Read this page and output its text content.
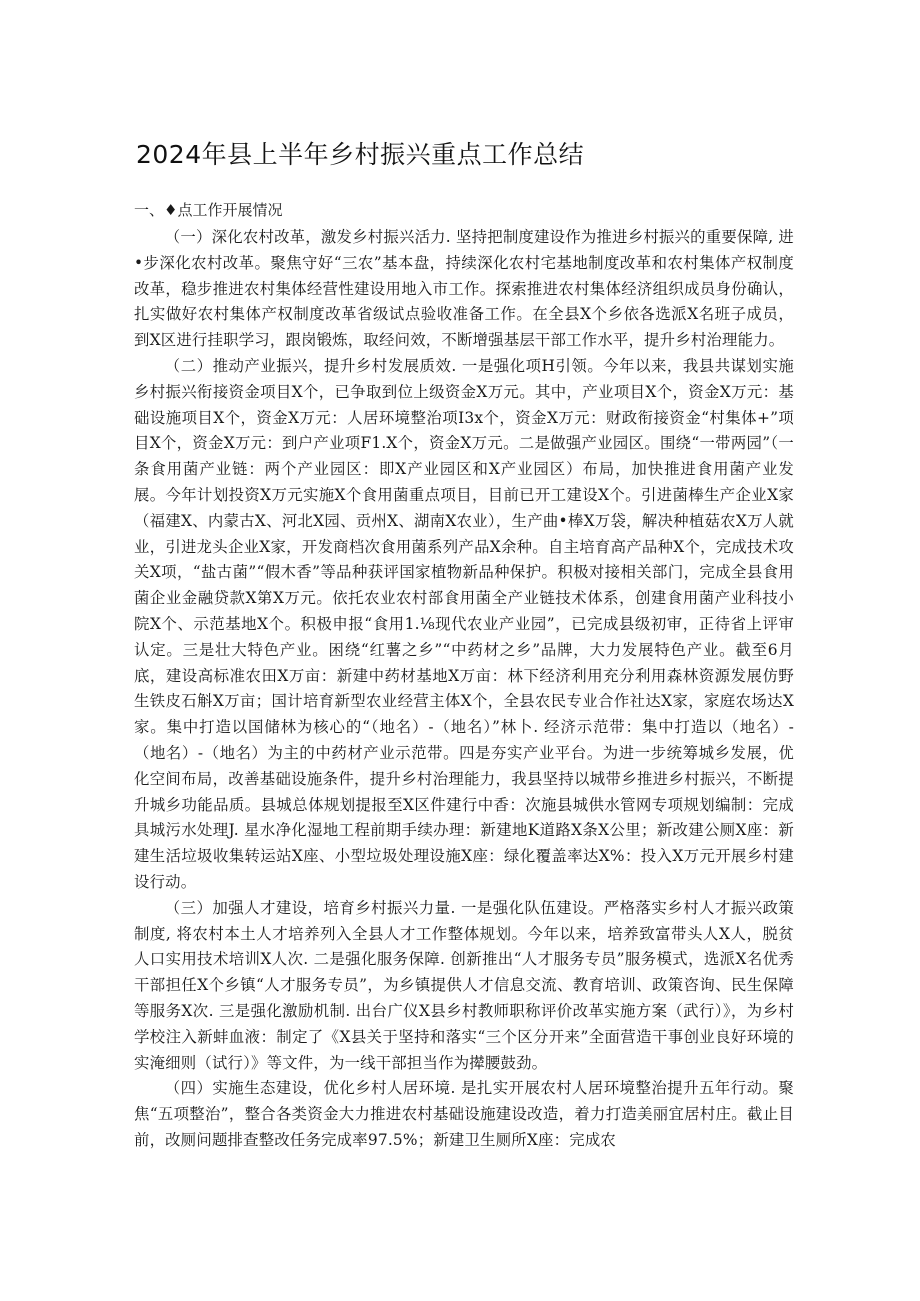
2024年县上半年乡村振兴重点工作总结
一、♦点工作开展情况

（一）深化农村改革，激发乡村振兴活力. 坚持把制度建设作为推进乡村振兴的重要保障, 进•步深化农村改革。聚焦守好“三农”基本盘，持续深化农村宅基地制度改革和农村集体产权制度改革，稳步推进农村集体经营性建设用地入市工作。探索推进农村集体经济组织成员身份确认，扎实做好农村集体产权制度改革省级试点验收准备工作。在全县X个乡依各选派X名班子成员，到X区进行挂职学习，跟岗锻炼，取经问效，不断增强基层干部工作水平，提升乡村治理能力。

（二）推动产业振兴，提升乡村发展质效. 一是强化项H引领。今年以来，我县共谋划实施乡村振兴衔接资金项目X个，已争取到位上级资金X万元。其中，产业项目X个，资金X万元：基础设施项目X个，资金X万元：人居环境整治项I3x个，资金X万元：财政衔接资金“村集体+”项目X个，资金X万元：到户产业项F1.X个，资金X万元。二是做强产业园区。围绕“一带两园”（一条食用菌产业链：两个产业园区：即X产业园区和X产业园区）布局，加快推进食用菌产业发展。今年计划投资X万元实施X个食用菌重点项目，目前已开工建设X个。引进菌棒生产企业X家（福建X、内蒙古X、河北X园、贡州X、湖南X农业），生产曲•棒X万袋，解决种植菇农X万人就业，引进龙头企业X家，开发商档次食用菌系列产品X余种。自主培育高产品种X个，完成技术攻关X项，“盐古菌”“假木香”等品种获评国家植物新品种保护。积极对接相关部门，完成全县食用菌企业金融贷款X第X万元。依托农业农村部食用菌全产业链技术体系，创建食用菌产业科技小院X个、示范基地X个。积极申报“食用1.⅛现代农业产业园”，已完成县级初审，正待省上评审认定。三是壮大特色产业。困绕“红薯之乡”“中药材之乡”品牌，大力发展特色产业。截至6月底，建设高标准农田X万亩：新建中药材基地X万亩：林下经济利用充分利用森林资源发展仿野生铁皮石斛X万亩；国计培育新型农业经营主体X个，全县农民专业合作社达X家，家庭农场达X家。集中打造以国储林为核心的“（地名）-（地名）”林卜. 经济示范带：集中打造以（地名）-（地名）-（地名）为主的中药材产业示范带。四是夯实产业平台。为进一步统筹城乡发展，优化空间布局，改善基础设施条件，提升乡村治理能力，我县坚持以城带乡推进乡村振兴，不断提升城乡功能品质。县城总体规划提报至X区件建行中香：次施县城供水管网专项规划编制：完成具城污水处理J. 星水净化湿地工程前期手续办理：新建地K道路X条X公里；新改建公厕X座：新建生活垃圾收集转运站X座、小型垃圾处理设施X座：绿化覆盖率达X%：投入X万元开展乡村建设行动。

（三）加强人才建设，培育乡村振兴力量. 一是强化队伍建设。严格落实乡村人才振兴政策制度, 将农村本土人才培养列入全县人才工作整体规划。今年以来，培养致富带头人X人，脱贫人口实用技术培训X人次. 二是强化服务保障. 创新推出“人才服务专员”服务模式，选派X名优秀干部担任X个乡镇“人才服务专员”，为乡镇提供人才信息交流、教育培训、政策咨询、民生保障等服务X次. 三是强化激励机制. 出台广仪X县乡村教师职称评价改革实施方案（武行）》，为乡村学校注入新蚌血液：制定了《X县关于坚持和落实“三个区分开来”全面营造干事创业良好环境的实淹细则（试行）》等文件，为一线干部担当作为撵腰鼓劲。

（四）实施生态建设，优化乡村人居环境. 是扎实开展农村人居环境整治提升五年行动。聚焦“五项整治”，整合各类资金大力推进农村基础设施建设改造，着力打造美丽宜居村庄。截止目前，改厕问题排查整改任务完成率97.5%；新建卫生厕所X座：完成农
